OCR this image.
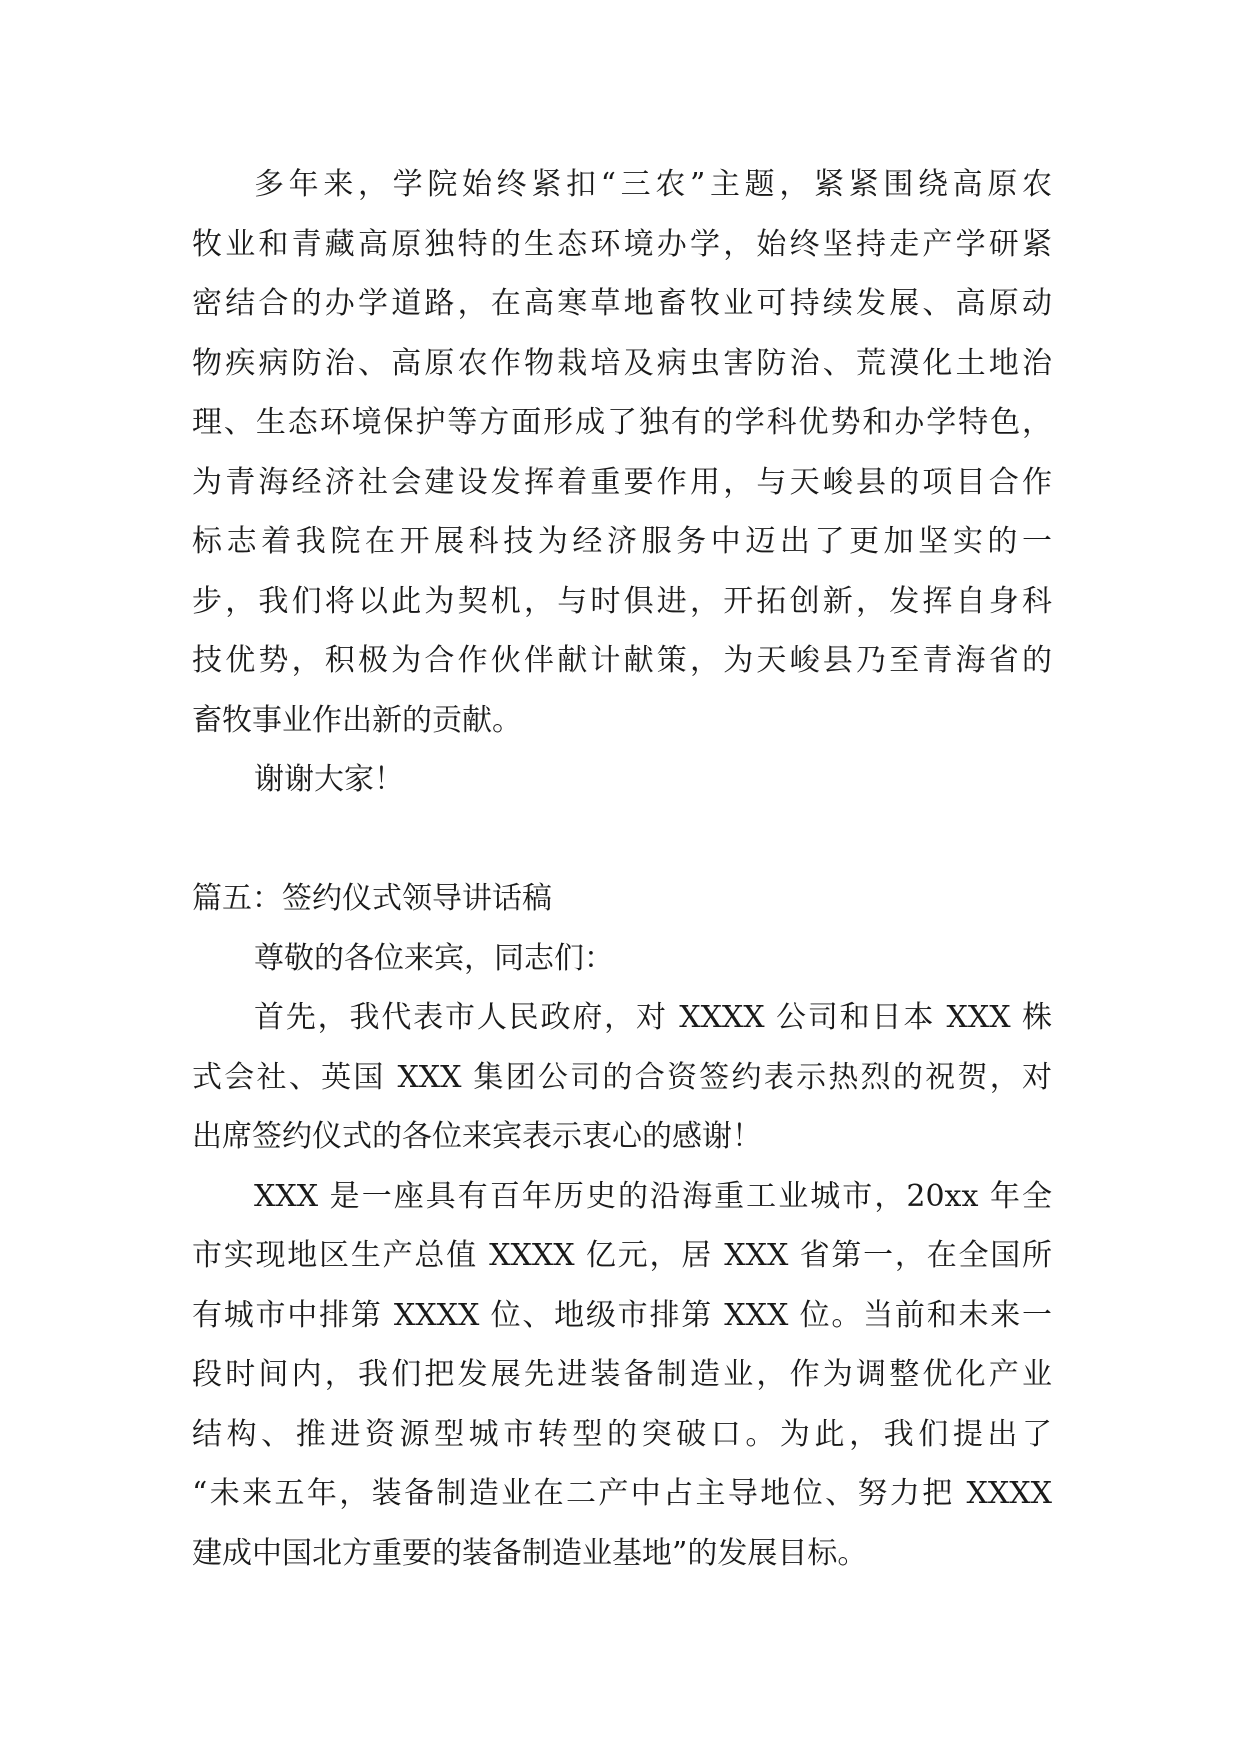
多年来，学院始终紧扣“三农”主题，紧紧围绕高原农
牧业和青藏高原独特的生态环境办学，始终坚持走产学研紧
密结合的办学道路，在高寒草地畜牧业可持续发展、高原动
物疾病防治、高原农作物栽培及病虫害防治、荒漠化土地治
理、生态环境保护等方面形成了独有的学科优势和办学特色，
为青海经济社会建设发挥着重要作用，与天峻县的项目合作
标志着我院在开展科技为经济服务中迈出了更加坚实的一
步，我们将以此为契机，与时俱进，开拓创新，发挥自身科
技优势，积极为合作伙伴献计献策，为天峻县乃至青海省的
畜牧事业作出新的贡献。
谢谢大家！
篇五：签约仪式领导讲话稿
尊敬的各位来宾，同志们：
首先，我代表市人民政府，对 XXXX 公司和日本 XXX 株
式会社、英国 XXX 集团公司的合资签约表示热烈的祝贺，对
出席签约仪式的各位来宾表示衷心的感谢！
XXX 是一座具有百年历史的沿海重工业城市，20xx 年全
市实现地区生产总值 XXXX 亿元，居 XXX 省第一，在全国所
有城市中排第 XXXX 位、地级市排第 XXX 位。当前和未来一
段时间内，我们把发展先进装备制造业，作为调整优化产业
结构、推进资源型城市转型的突破口。为此，我们提出了
“未来五年，装备制造业在二产中占主导地位、努力把 XXXX
建成中国北方重要的装备制造业基地”的发展目标。
